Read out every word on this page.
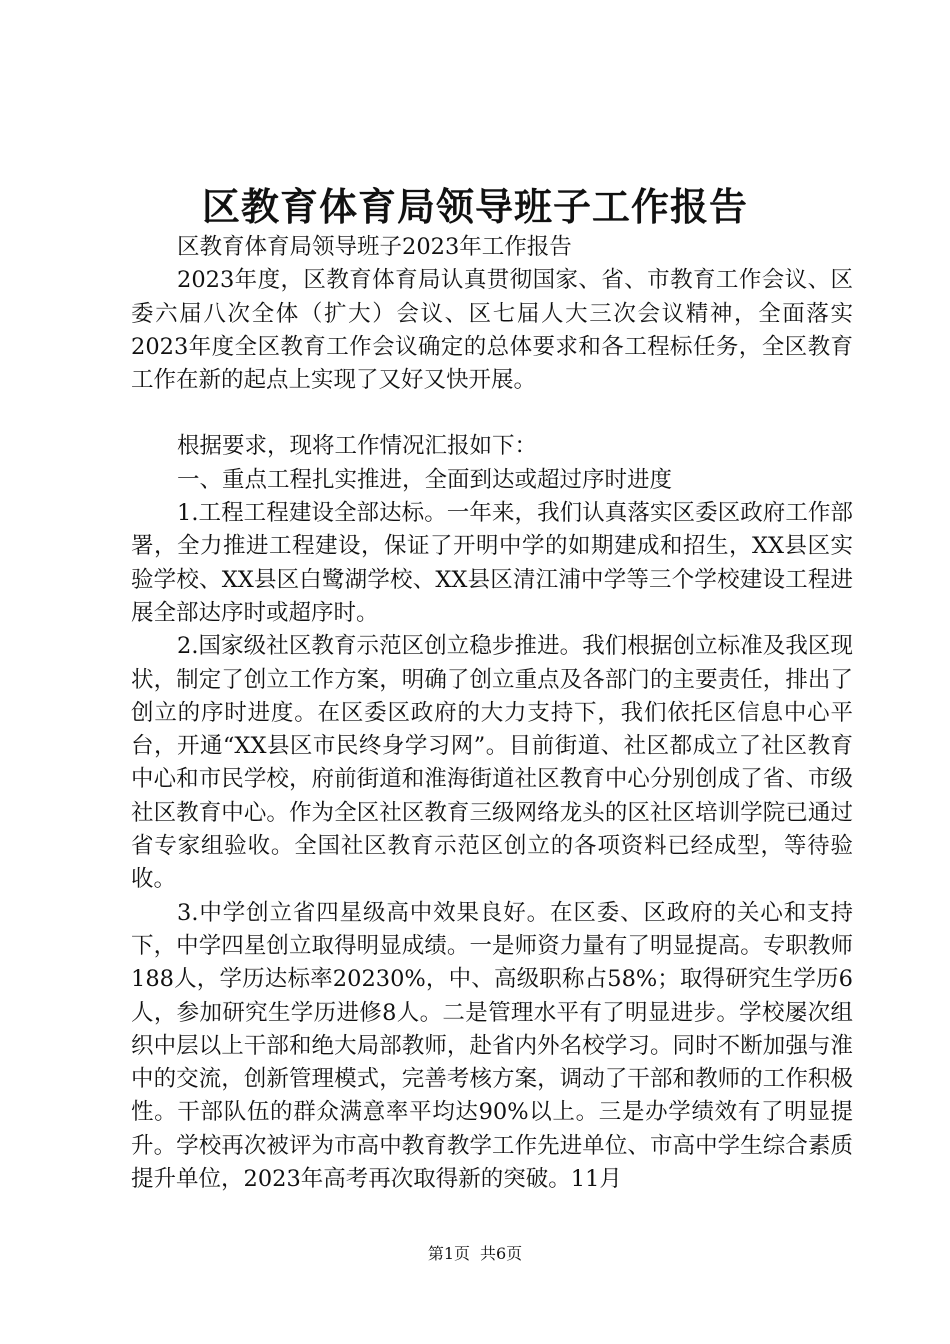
区教育体育局领导班子工作报告

区教育体育局领导班子2023年工作报告

2023年度，区教育体育局认真贯彻国家、省、市教育工作会议、区委六届八次全体（扩大）会议、区七届人大三次会议精神，全面落实2023年度全区教育工作会议确定的总体要求和各工程标任务，全区教育工作在新的起点上实现了又好又快开展。

根据要求，现将工作情况汇报如下：

一、重点工程扎实推进，全面到达或超过序时进度

1.工程工程建设全部达标。一年来，我们认真落实区委区政府工作部署，全力推进工程建设，保证了开明中学的如期建成和招生，XX县区实验学校、XX县区白鹭湖学校、XX县区清江浦中学等三个学校建设工程进展全部达序时或超序时。

2.国家级社区教育示范区创立稳步推进。我们根据创立标准及我区现状，制定了创立工作方案，明确了创立重点及各部门的主要责任，排出了创立的序时进度。在区委区政府的大力支持下，我们依托区信息中心平台，开通“XX县区市民终身学习网”。目前街道、社区都成立了社区教育中心和市民学校，府前街道和淮海街道社区教育中心分别创成了省、市级社区教育中心。作为全区社区教育三级网络龙头的区社区培训学院已通过省专家组验收。全国社区教育示范区创立的各项资料已经成型，等待验收。

3.中学创立省四星级高中效果良好。在区委、区政府的关心和支持下，中学四星创立取得明显成绩。一是师资力量有了明显提高。专职教师188人，学历达标率20230%，中、高级职称占58%；取得研究生学历6人，参加研究生学历进修8人。二是管理水平有了明显进步。学校屡次组织中层以上干部和绝大局部教师，赴省内外名校学习。同时不断加强与淮中的交流，创新管理模式，完善考核方案，调动了干部和教师的工作积极性。干部队伍的群众满意率平均达90%以上。三是办学绩效有了明显提升。学校再次被评为市高中教育教学工作先进单位、市高中学生综合素质提升单位，2023年高考再次取得新的突破。11月

第1页 共6页
